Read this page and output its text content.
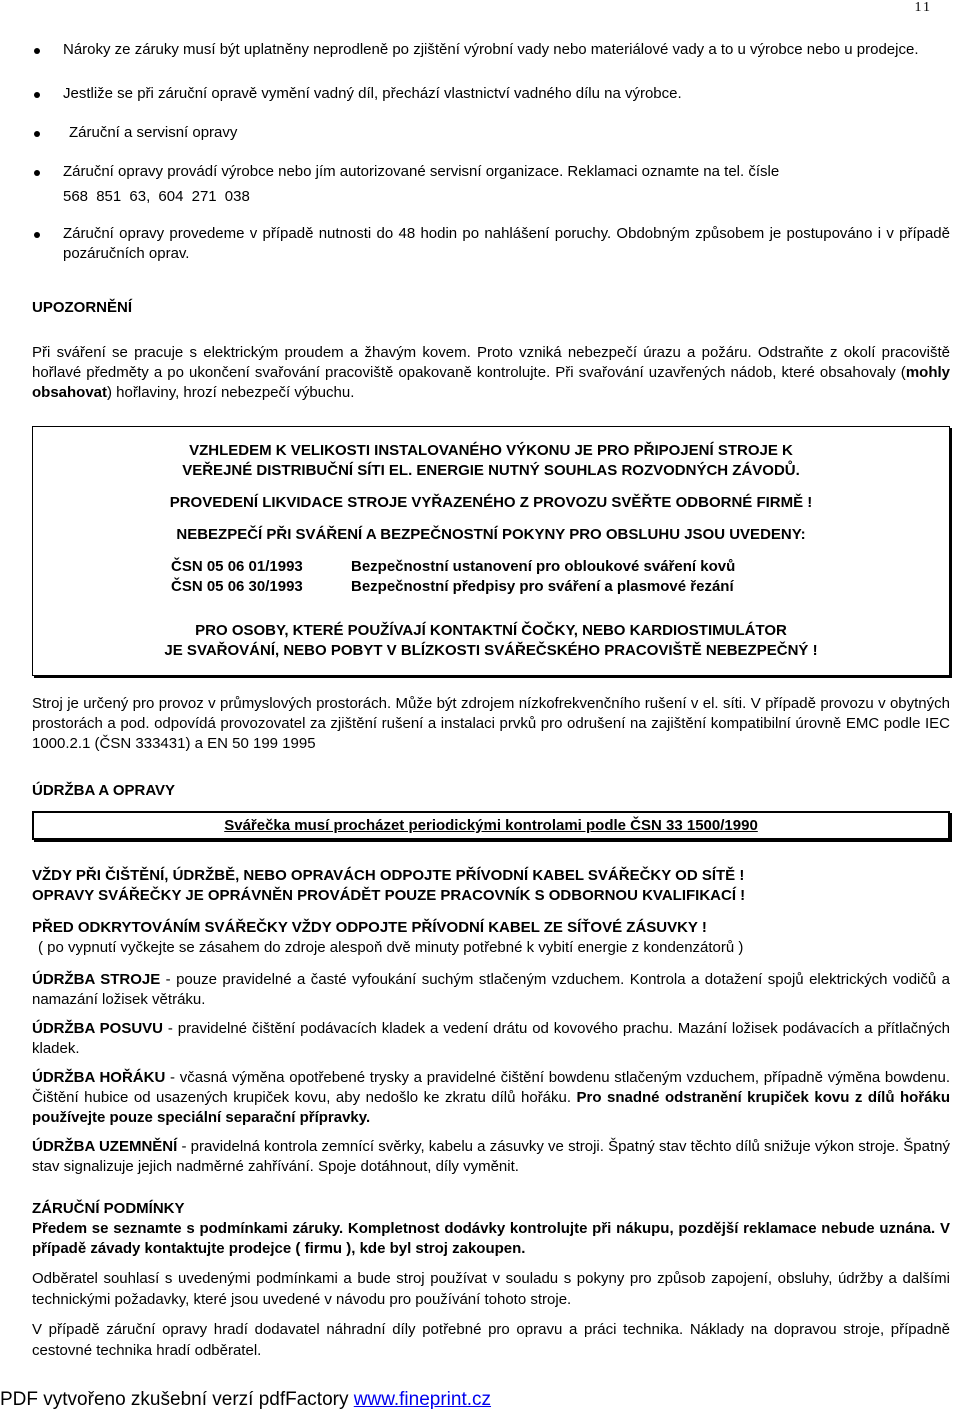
11
Nároky ze záruky musí být uplatněny neprodleně po zjištění výrobní vady nebo materiálové vady a to u výrobce nebo u prodejce.
Jestliže se při záruční opravě vymění vadný díl, přechází vlastnictví vadného dílu na výrobce.
Záruční a servisní opravy
Záruční opravy provádí výrobce nebo jím autorizované servisní organizace. Reklamaci oznamte na tel. čísle
568 851 63, 604 271 038
Záruční opravy provedeme v případě nutnosti do 48 hodin po nahlášení poruchy. Obdobným způsobem je postupováno i v případě pozáručních oprav.

UPOZORNĚNÍ

Při sváření se pracuje s elektrickým proudem a žhavým kovem. Proto vzniká nebezpečí úrazu a požáru. Odstraňte z okolí pracoviště hořlavé předměty a po ukončení svařování pracoviště opakovaně kontrolujte. Při svařování uzavřených nádob, které obsahovaly (mohly obsahovat) hořlaviny, hrozí nebezpečí výbuchu.

VZHLEDEM K VELIKOSTI INSTALOVANÉHO VÝKONU JE PRO PŘIPOJENÍ STROJE K
VEŘEJNÉ DISTRIBUČNÍ SÍTI EL. ENERGIE NUTNÝ SOUHLAS ROZVODNÝCH ZÁVODŮ.
PROVEDENÍ LIKVIDACE STROJE VYŘAZENÉHO Z PROVOZU SVĚŘTE ODBORNÉ FIRMĚ !
NEBEZPEČÍ PŘI SVÁŘENÍ A BEZPEČNOSTNÍ POKYNY PRO OBSLUHU JSOU UVEDENY:
ČSN 05 06 01/1993	Bezpečnostní ustanovení pro obloukové sváření kovů
ČSN 05 06 30/1993	Bezpečnostní předpisy pro sváření a plasmové řezání
PRO OSOBY, KTERÉ POUŽÍVAJÍ KONTAKTNÍ ČOČKY, NEBO KARDIOSTIMULÁTOR
JE SVAŘOVÁNÍ, NEBO POBYT V BLÍZKOSTI SVÁŘEČSKÉHO PRACOVIŠTĚ NEBEZPEČNÝ !

Stroj je určený pro provoz v průmyslových prostorách. Může být zdrojem nízkofrekvenčního rušení v el. síti. V případě provozu v obytných prostorách a pod. odpovídá provozovatel za zjištění rušení a instalaci prvků pro odrušení na zajištění kompatibilní úrovně EMC podle IEC 1000.2.1 (ČSN 333431) a EN 50 199 1995

ÚDRŽBA A OPRAVY

Svářečka musí procházet periodickými kontrolami podle ČSN 33 1500/1990

VŽDY PŘI ČIŠTĚNÍ, ÚDRŽBĚ, NEBO OPRAVÁCH ODPOJTE PŘÍVODNÍ KABEL SVÁŘEČKY OD SÍTĚ !

OPRAVY SVÁŘEČKY JE OPRÁVNĚN PROVÁDĚT POUZE PRACOVNÍK S ODBORNOU KVALIFIKACÍ !

PŘED ODKRYTOVÁNÍM SVÁŘEČKY VŽDY ODPOJTE PŘÍVODNÍ KABEL ZE SÍŤOVÉ ZÁSUVKY !

( po vypnutí vyčkejte se zásahem do zdroje alespoň dvě minuty potřebné k vybití energie z kondenzátorů )

ÚDRŽBA STROJE - pouze pravidelné a časté vyfoukání suchým stlačeným vzduchem. Kontrola a dotažení spojů elektrických vodičů a namazání ložisek větráku.

ÚDRŽBA POSUVU - pravidelné čištění podávacích kladek a vedení drátu od kovového prachu. Mazání ložisek podávacích a přítlačných kladek.

ÚDRŽBA HOŘÁKU - včasná výměna opotřebené trysky a pravidelné čištění bowdenu stlačeným vzduchem, případně výměna bowdenu. Čištění hubice od usazených krupiček kovu, aby nedošlo ke zkratu dílů hořáku. Pro snadné odstranění krupiček kovu z dílů hořáku používejte pouze speciální separační přípravky.

ÚDRŽBA UZEMNĚNÍ - pravidelná kontrola zemnící svěrky, kabelu a zásuvky ve stroji. Špatný stav těchto dílů snižuje výkon stroje. Špatný stav signalizuje jejich nadměrné zahřívání. Spoje dotáhnout, díly vyměnit.

ZÁRUČNÍ PODMÍNKY

Předem se seznamte s podmínkami záruky. Kompletnost dodávky kontrolujte při nákupu, pozdější reklamace nebude uznána. V případě závady kontaktujte prodejce ( firmu ), kde byl stroj zakoupen.

Odběratel souhlasí s uvedenými podmínkami a bude stroj používat v souladu s pokyny pro způsob zapojení, obsluhy, údržby a dalšími technickými požadavky, které jsou uvedené v návodu pro používání tohoto stroje.

V případě záruční opravy hradí dodavatel náhradní díly potřebné pro opravu a práci technika. Náklady na dopravou stroje, případně cestovné technika hradí odběratel.

PDF vytvořeno zkušební verzí pdfFactory www.fineprint.cz
